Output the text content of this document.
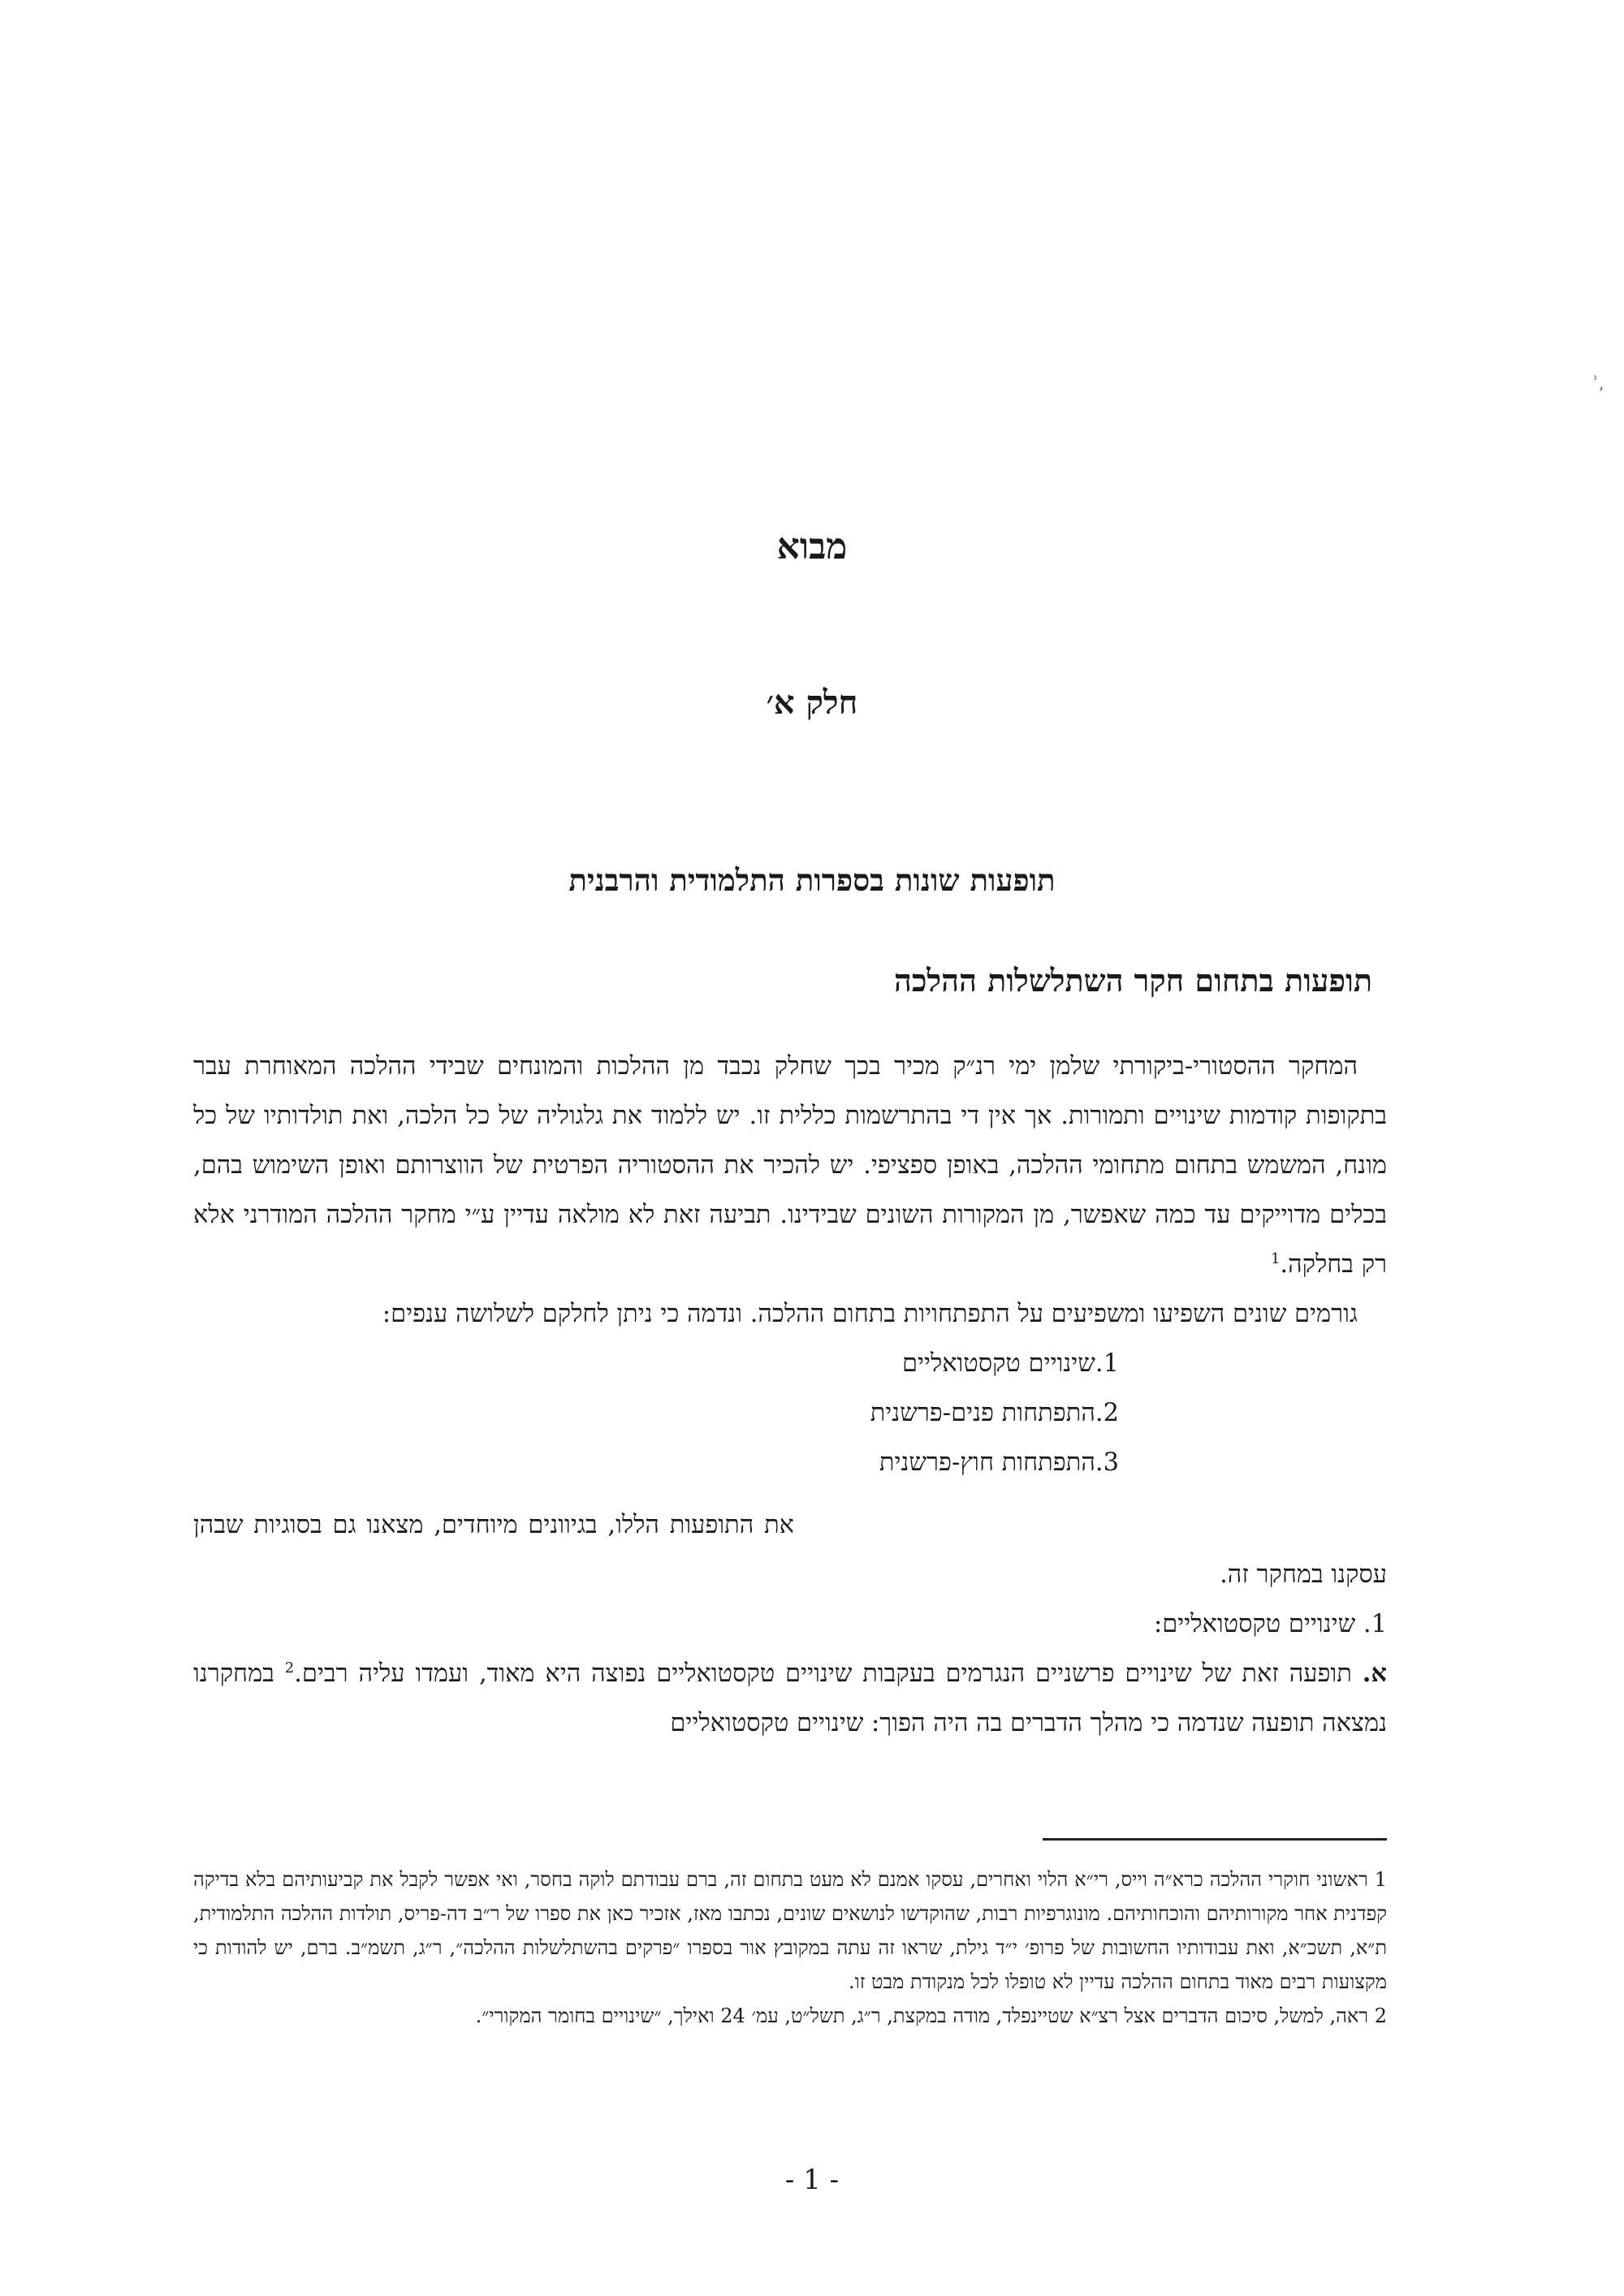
ʾ,
מבוא
חלק א׳
תופעות שונות בספרות התלמודית והרבנית
תופעות בתחום חקר השתלשלות ההלכה

המחקר ההסטורי-ביקורתי שלמן ימי רנ״ק מכיר בכך שחלק נכבד מן ההלכות והמונחים שבידי ההלכה המאוחרת עבר בתקופות קודמות שינויים ותמורות. אך אין די בהתרשמות כללית זו. יש ללמוד את גלגוליה של כל הלכה, ואת תולדותיו של כל מונח, המשמש בתחום מתחומי ההלכה, באופן ספציפי. יש להכיר את ההסטוריה הפרטית של הווצרותם ואופן השימוש בהם, בכלים מדוייקים עד כמה שאפשר, מן המקורות השונים שבידינו. תביעה זאת לא מולאה עדיין ע״י מחקר ההלכה המודרני אלא רק בחלקה.$^1$

גורמים שונים השפיעו ומשפיעים על התפתחויות בתחום ההלכה. ונדמה כי ניתן לחלקם לשלושה ענפים:

1.שינויים טקסטואליים
2.התפתחות פנים-פרשנית
3.התפתחות חוץ-פרשנית

את התופעות הללו, בגיוונים מיוחדים, מצאנו גם בסוגיות שבהן עסקנו במחקר זה.

1. שינויים טקסטואליים:

א. תופעה זאת של שינויים פרשניים הנגרמים בעקבות שינויים טקסטואליים נפוצה היא מאוד, ועמדו עליה רבים.$^2$ במחקרנו נמצאה תופעה שנדמה כי מהלך הדברים בה היה הפוך: שינויים טקסטואליים

1 ראשוני חוקרי ההלכה כרא״ה וייס, רי״א הלוי ואחרים, עסקו אמנם לא מעט בתחום זה, ברם עבודתם לוקה בחסר, ואי אפשר לקבל את קביעותיהם בלא בדיקה קפדנית אחר מקורותיהם והוכחותיהם. מונוגרפיות רבות, שהוקדשו לנושאים שונים, נכתבו מאז, אזכיר כאן את ספרו של ר״ב דה-פריס, תולדות ההלכה התלמודית, ת״א, תשכ״א, ואת עבודותיו החשובות של פרופ׳ י״ד גילת, שראו זה עתה במקובץ אור בספרו ״פרקים בהשתלשלות ההלכה״, ר״ג, תשמ״ב. ברם, יש להודות כי מקצועות רבים מאוד בתחום ההלכה עדיין לא טופלו לכל מנקודת מבט זו.

2 ראה, למשל, סיכום הדברים אצל רצ״א שטיינפלד, מודה במקצת, ר״ג, תשל״ט, עמ׳ 24 ואילך, ״שינויים בחומר המקורי״.

- 1 -
